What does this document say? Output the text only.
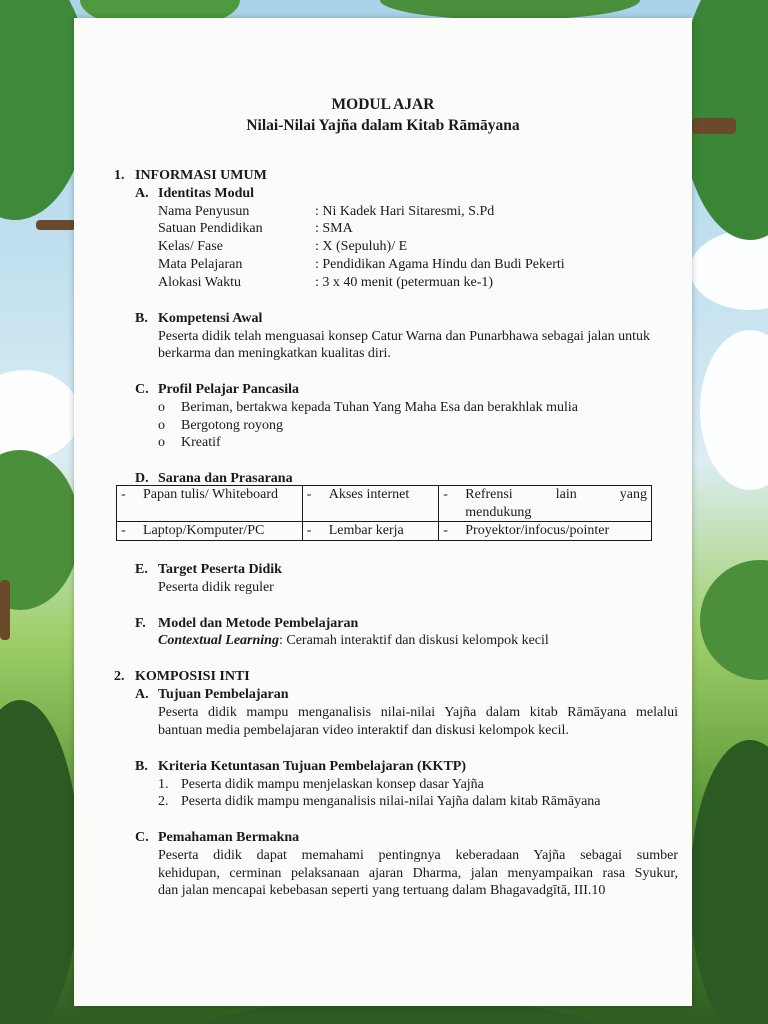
MODUL AJAR
Nilai-Nilai Yajña dalam Kitab Rāmāyana
1. INFORMASI UMUM
A. Identitas Modul
Nama Penyusun	: Ni Kadek Hari Sitaresmi, S.Pd
Satuan Pendidikan	: SMA
Kelas/ Fase	: X (Sepuluh)/ E
Mata Pelajaran	: Pendidikan Agama Hindu dan Budi Pekerti
Alokasi Waktu	: 3 x 40 menit (petermuan ke-1)
B. Kompetensi Awal
Peserta didik telah menguasai konsep Catur Warna dan Punarbhawa sebagai jalan untuk
berkarma dan meningkatkan kualitas diri.
C. Profil Pelajar Pancasila
o Beriman, bertakwa kepada Tuhan Yang Maha Esa dan berakhlak mulia
o Bergotong royong
o Kreatif
D. Sarana dan Prasarana
- Papan tulis/ Whiteboard	- Akses internet	- Refrensi lain yang
mendukung

- Laptop/Komputer/PC	- Lembar kerja	- Proyektor/infocus/pointer
E. Target Peserta Didik
Peserta didik reguler
F. Model dan Metode Pembelajaran
Contextual Learning: Ceramah interaktif dan diskusi kelompok kecil
2. KOMPOSISI INTI
A. Tujuan Pembelajaran
Peserta didik mampu menganalisis nilai-nilai Yajña dalam kitab Rāmāyana melalui
bantuan media pembelajaran video interaktif dan diskusi kelompok kecil.
B. Kriteria Ketuntasan Tujuan Pembelajaran (KKTP)
1. Peserta didik mampu menjelaskan konsep dasar Yajña
2. Peserta didik mampu menganalisis nilai-nilai Yajña dalam kitab Rāmāyana
C. Pemahaman Bermakna
Peserta didik dapat memahami pentingnya keberadaan Yajña sebagai sumber
kehidupan, cerminan pelaksanaan ajaran Dharma, jalan menyampaikan rasa Syukur,
dan jalan mencapai kebebasan seperti yang tertuang dalam Bhagavadgītā, III.10
